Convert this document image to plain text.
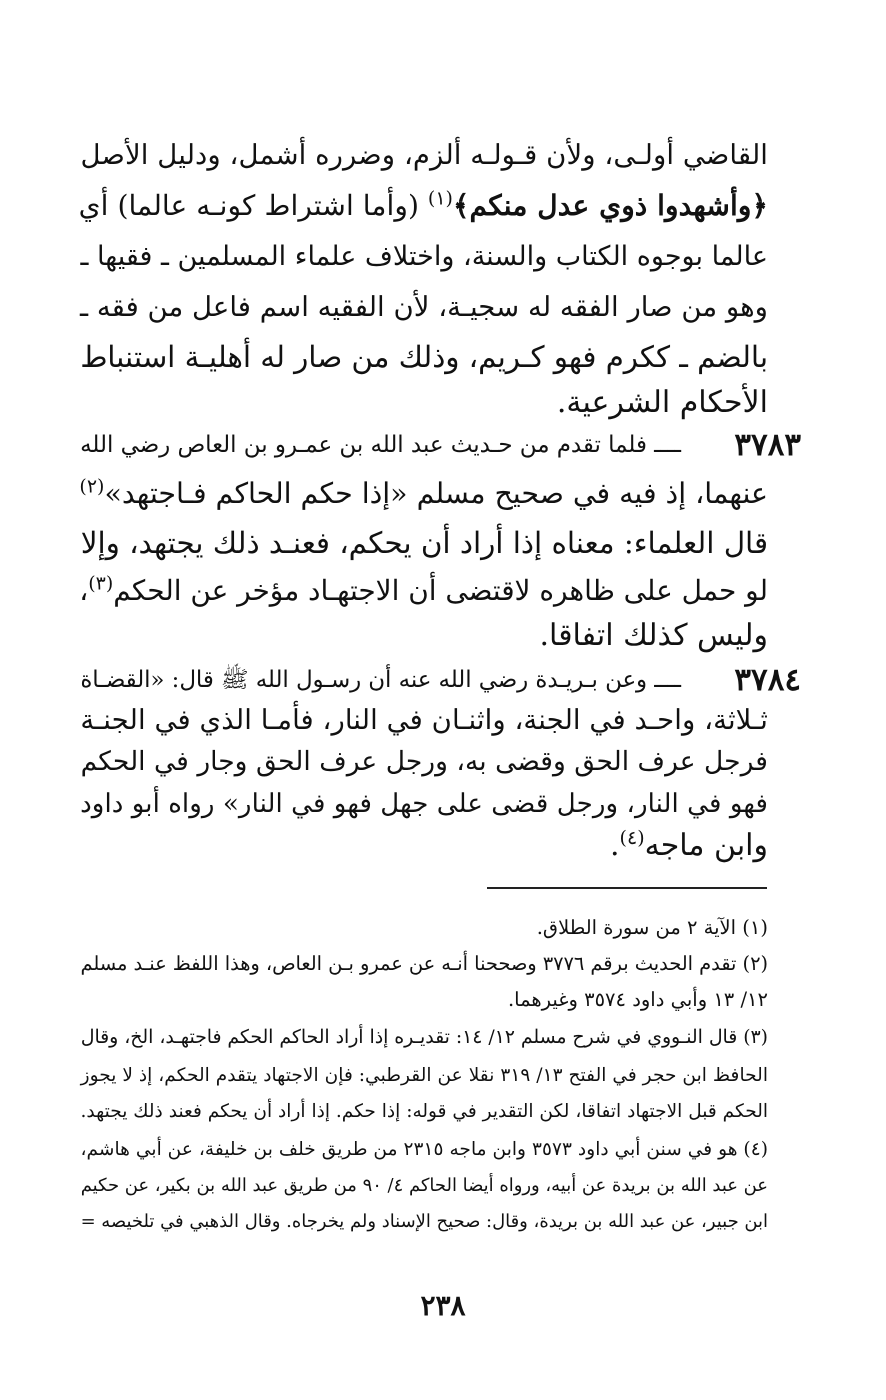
القاضي أولـى، ولأن قـولـه ألزم، وضرره أشمل، ودليل الأصل
﴿وأشهدوا ذوي عدل منكم﴾$^{(١)}$ (وأما اشتراط كونـه عالما) أي
عالما بوجوه الكتاب والسنة، واختلاف علماء المسلمين ـ فقيها ـ
وهو من صار الفقه له سجيـة، لأن الفقيه اسم فاعل من فقه ـ
بالضم ـ ككرم فهو كـريم، وذلك من صار له أهليـة استنباط
الأحكام الشرعية.
٣٧٨٣
ــــ فلما تقدم من حـديث عبد الله بن عمـرو بن العاص رضي الله
عنهما، إذ فيه في صحيح مسلم «إذا حكم الحاكم فـاجتهد»$^{(٢)}$
قال العلماء: معناه إذا أراد أن يحكم، فعنـد ذلك يجتهد، وإلا
لو حمل على ظاهره لاقتضى أن الاجتهـاد مؤخر عن الحكم$^{(٣)}$،
وليس كذلك اتفاقا.
٣٧٨٤
ــــ وعن بـريـدة رضي الله عنه أن رسـول الله ﷺ قال: «القضـاة
ثـلاثة، واحـد في الجنة، واثنـان في النار، فأمـا الذي في الجنـة
فرجل عرف الحق وقضى به، ورجل عرف الحق وجار في الحكم
فهو في النار، ورجل قضى على جهل فهو في النار» رواه أبو داود
وابن ماجه$^{(٤)}$.
(١) الآية ٢ من سورة الطلاق.
(٢) تقدم الحديث برقم ٣٧٧٦ وصححنا أنـه عن عمرو بـن العاص، وهذا اللفظ عنـد مسلم
١٢/ ١٣ وأبي داود ٣٥٧٤ وغيرهما.
(٣) قال النـووي في شرح مسلم ١٢/ ١٤: تقديـره إذا أراد الحاكم الحكم فاجتهـد، الخ، وقال
الحافظ ابن حجر في الفتح ١٣/ ٣١٩ نقلا عن القرطبي: فإن الاجتهاد يتقدم الحكم، إذ لا يجوز
الحكم قبل الاجتهاد اتفاقا، لكن التقدير في قوله: إذا حكم. إذا أراد أن يحكم فعند ذلك يجتهد.
(٤) هو في سنن أبي داود ٣٥٧٣ وابن ماجه ٢٣١٥ من طريق خلف بن خليفة، عن أبي هاشم،
عن عبد الله بن بريدة عن أبيه، ورواه أيضا الحاكم ٤/ ٩٠ من طريق عبد الله بن بكير، عن حكيم
ابن جبير، عن عبد الله بن بريدة، وقال: صحيح الإسناد ولم يخرجاه. وقال الذهبي في تلخيصه =
٢٣٨
